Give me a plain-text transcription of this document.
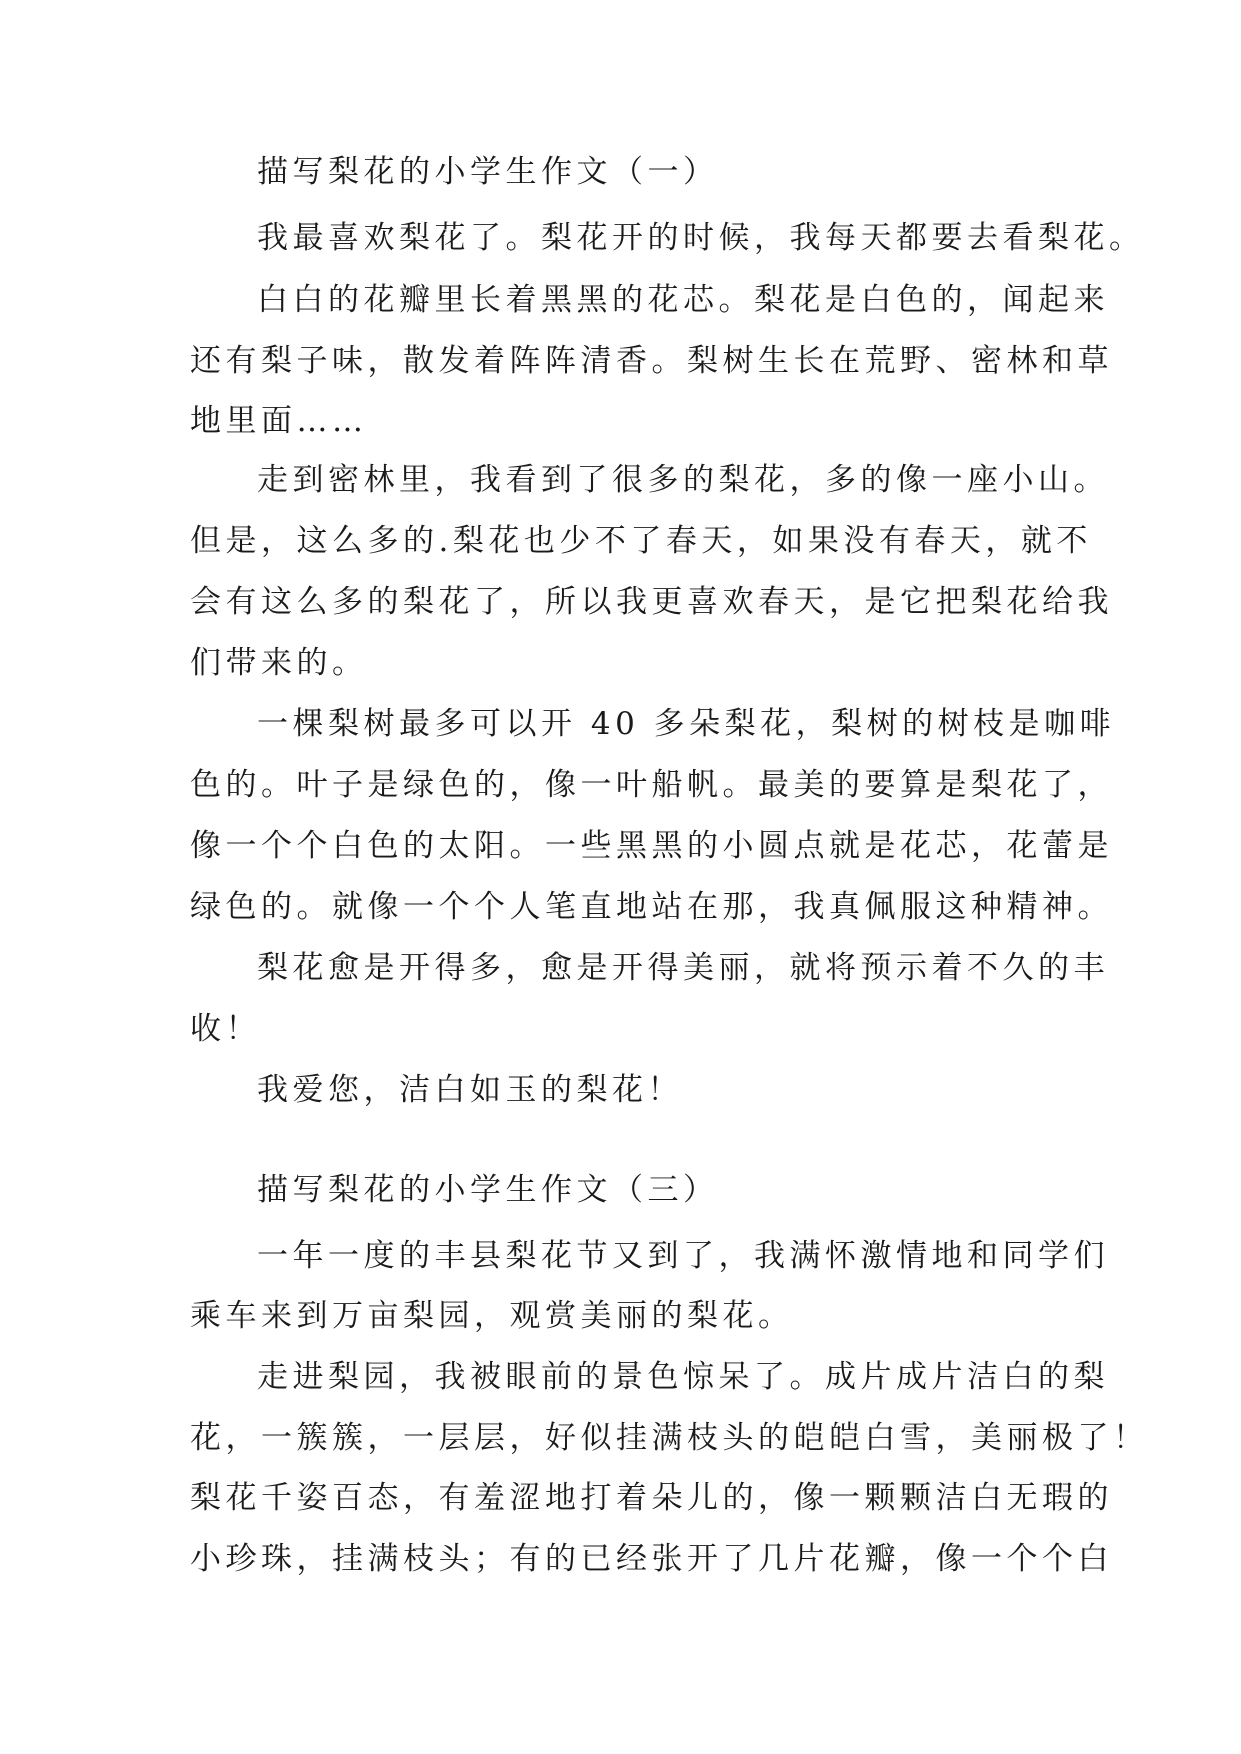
描写梨花的小学生作文（一）
我最喜欢梨花了。梨花开的时候，我每天都要去看梨花。
白白的花瓣里长着黑黑的花芯。梨花是白色的，闻起来
还有梨子味，散发着阵阵清香。梨树生长在荒野、密林和草
地里面……
走到密林里，我看到了很多的梨花，多的像一座小山。
但是，这么多的.梨花也少不了春天，如果没有春天，就不
会有这么多的梨花了，所以我更喜欢春天，是它把梨花给我
们带来的。
一棵梨树最多可以开 40 多朵梨花，梨树的树枝是咖啡
色的。叶子是绿色的，像一叶船帆。最美的要算是梨花了，
像一个个白色的太阳。一些黑黑的小圆点就是花芯，花蕾是
绿色的。就像一个个人笔直地站在那，我真佩服这种精神。
梨花愈是开得多，愈是开得美丽，就将预示着不久的丰
收！
我爱您，洁白如玉的梨花！
描写梨花的小学生作文（三）
一年一度的丰县梨花节又到了，我满怀激情地和同学们
乘车来到万亩梨园，观赏美丽的梨花。
走进梨园，我被眼前的景色惊呆了。成片成片洁白的梨
花，一簇簇，一层层，好似挂满枝头的皑皑白雪，美丽极了！
梨花千姿百态，有羞涩地打着朵儿的，像一颗颗洁白无瑕的
小珍珠，挂满枝头；有的已经张开了几片花瓣，像一个个白
